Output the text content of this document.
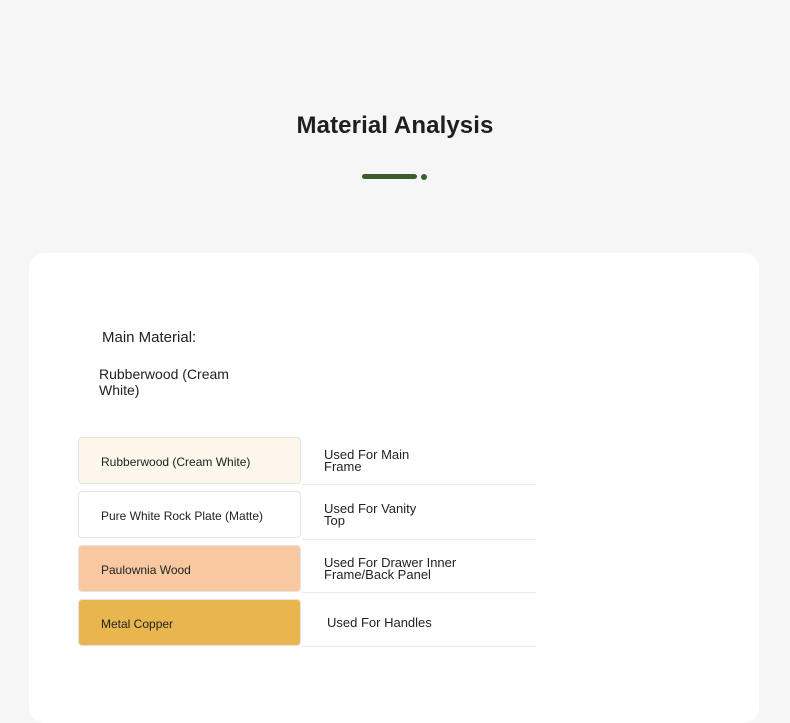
Material Analysis
Main Material:
Rubberwood (Cream White)
Rubberwood (Cream White)	Used For Main Frame
Pure White Rock Plate (Matte)	Used For Vanity Top
Paulownia Wood	Used For Drawer Inner Frame/Back Panel
Metal Copper	Used For Handles
